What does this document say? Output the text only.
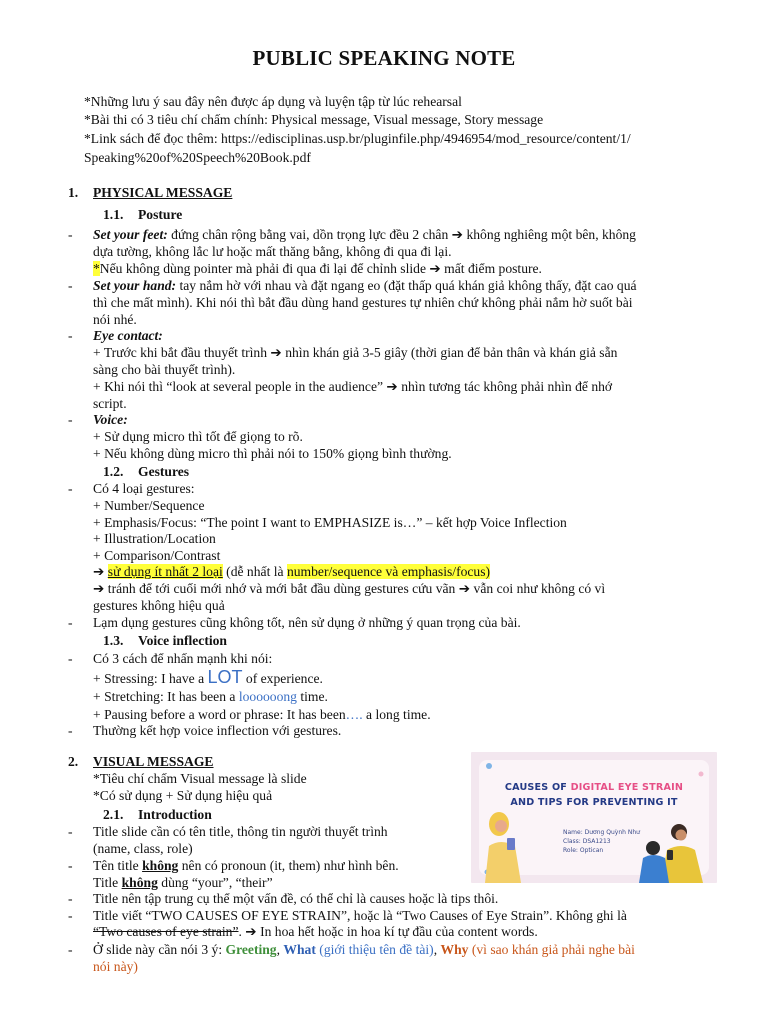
PUBLIC SPEAKING NOTE
*Những lưu ý sau đây nên được áp dụng và luyện tập từ lúc rehearsal
*Bài thi có 3 tiêu chí chấm chính: Physical message, Visual message, Story message
*Link sách để đọc thêm: https://edisciplinas.usp.br/pluginfile.php/4946954/mod_resource/content/1/
Speaking%20of%20Speech%20Book.pdf
1. PHYSICAL MESSAGE
1.1. Posture
- Set your feet: đứng chân rộng bằng vai, dồn trọng lực đều 2 chân ➔ không nghiêng một bên, không
dựa tường, không lắc lư hoặc mất thăng bằng, không đi qua đi lại.
*Nếu không dùng pointer mà phải đi qua đi lại để chỉnh slide ➔ mất điểm posture.
- Set your hand: tay nắm hờ với nhau và đặt ngang eo (đặt thấp quá khán giả không thấy, đặt cao quá
thì che mất mình). Khi nói thì bắt đầu dùng hand gestures tự nhiên chứ không phải nắm hờ suốt bài
nói nhé.
- Eye contact:
+ Trước khi bắt đầu thuyết trình ➔ nhìn khán giả 3-5 giây (thời gian để bản thân và khán giả sẵn
sàng cho bài thuyết trình).
+ Khi nói thì “look at several people in the audience” ➔ nhìn tương tác không phải nhìn để nhớ
script.
- Voice:
+ Sử dụng micro thì tốt để giọng to rõ.
+ Nếu không dùng micro thì phải nói to 150% giọng bình thường.
1.2. Gestures
- Có 4 loại gestures:
+ Number/Sequence
+ Emphasis/Focus: “The point I want to EMPHASIZE is…” – kết hợp Voice Inflection
+ Illustration/Location
+ Comparison/Contrast
➔ sử dụng ít nhất 2 loại (dễ nhất là number/sequence và emphasis/focus)
➔ tránh để tới cuối mới nhớ và mới bắt đầu dùng gestures cứu vãn ➔ vẫn coi như không có vì
gestures không hiệu quả
- Lạm dụng gestures cũng không tốt, nên sử dụng ở những ý quan trọng của bài.
1.3. Voice inflection
- Có 3 cách để nhấn mạnh khi nói:
+ Stressing: I have a LOT of experience.
+ Stretching: It has been a loooooong time.
+ Pausing before a word or phrase: It has been…. a long time.
- Thường kết hợp voice inflection với gestures.
2. VISUAL MESSAGE
*Tiêu chí chấm Visual message là slide
*Có sử dụng + Sử dụng hiệu quả
2.1. Introduction
- Title slide cần có tên title, thông tin người thuyết trình
(name, class, role)
- Tên title không nên có pronoun (it, them) như hình bên.
Title không dùng “your”, “their”
- Title nên tập trung cụ thể một vấn đề, có thể chỉ là causes hoặc là tips thôi.
- Title viết “TWO CAUSES OF EYE STRAIN”, hoặc là “Two Causes of Eye Strain”. Không ghi là
“Two causes of eye strain”. ➔ In hoa hết hoặc in hoa kí tự đầu của content words.
- Ở slide này cần nói 3 ý: Greeting, What (giới thiệu tên đề tài), Why (vì sao khán giả phải nghe bài
nói này)
CAUSES OF DIGITAL EYE STRAIN
AND TIPS FOR PREVENTING IT
Name: Dương Quỳnh Như
Class: DSA1213
Role: Optican
